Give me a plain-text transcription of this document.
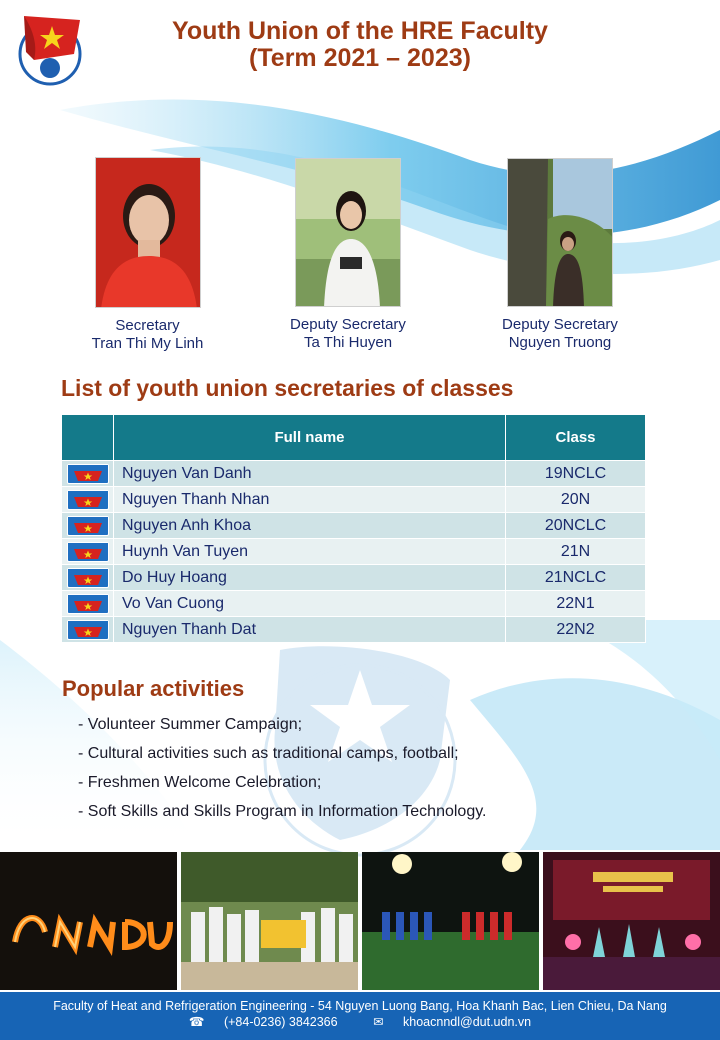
Youth Union of the HRE Faculty
(Term 2021 – 2023)
Secretary
Tran Thi My Linh
Deputy Secretary
Ta Thi Huyen
Deputy Secretary
Nguyen Truong
List of youth union secretaries of classes
	Full name	Class
	Nguyen Van Danh	19NCLC
	Nguyen Thanh Nhan	20N
	Nguyen Anh Khoa	20NCLC
	Huynh Van Tuyen	21N
	Do Huy Hoang	21NCLC
	Vo Van Cuong	22N1
	Nguyen Thanh Dat	22N2
Popular activities
- Volunteer Summer Campaign;
- Cultural activities such as traditional camps, football;
- Freshmen Welcome Celebration;
- Soft Skills and Skills Program in Information Technology.
Faculty of Heat and Refrigeration Engineering - 54 Nguyen Luong Bang, Hoa Khanh Bac, Lien Chieu, Da Nang
☎ (+84-0236) 3842366	✉ khoacnndl@dut.udn.vn
